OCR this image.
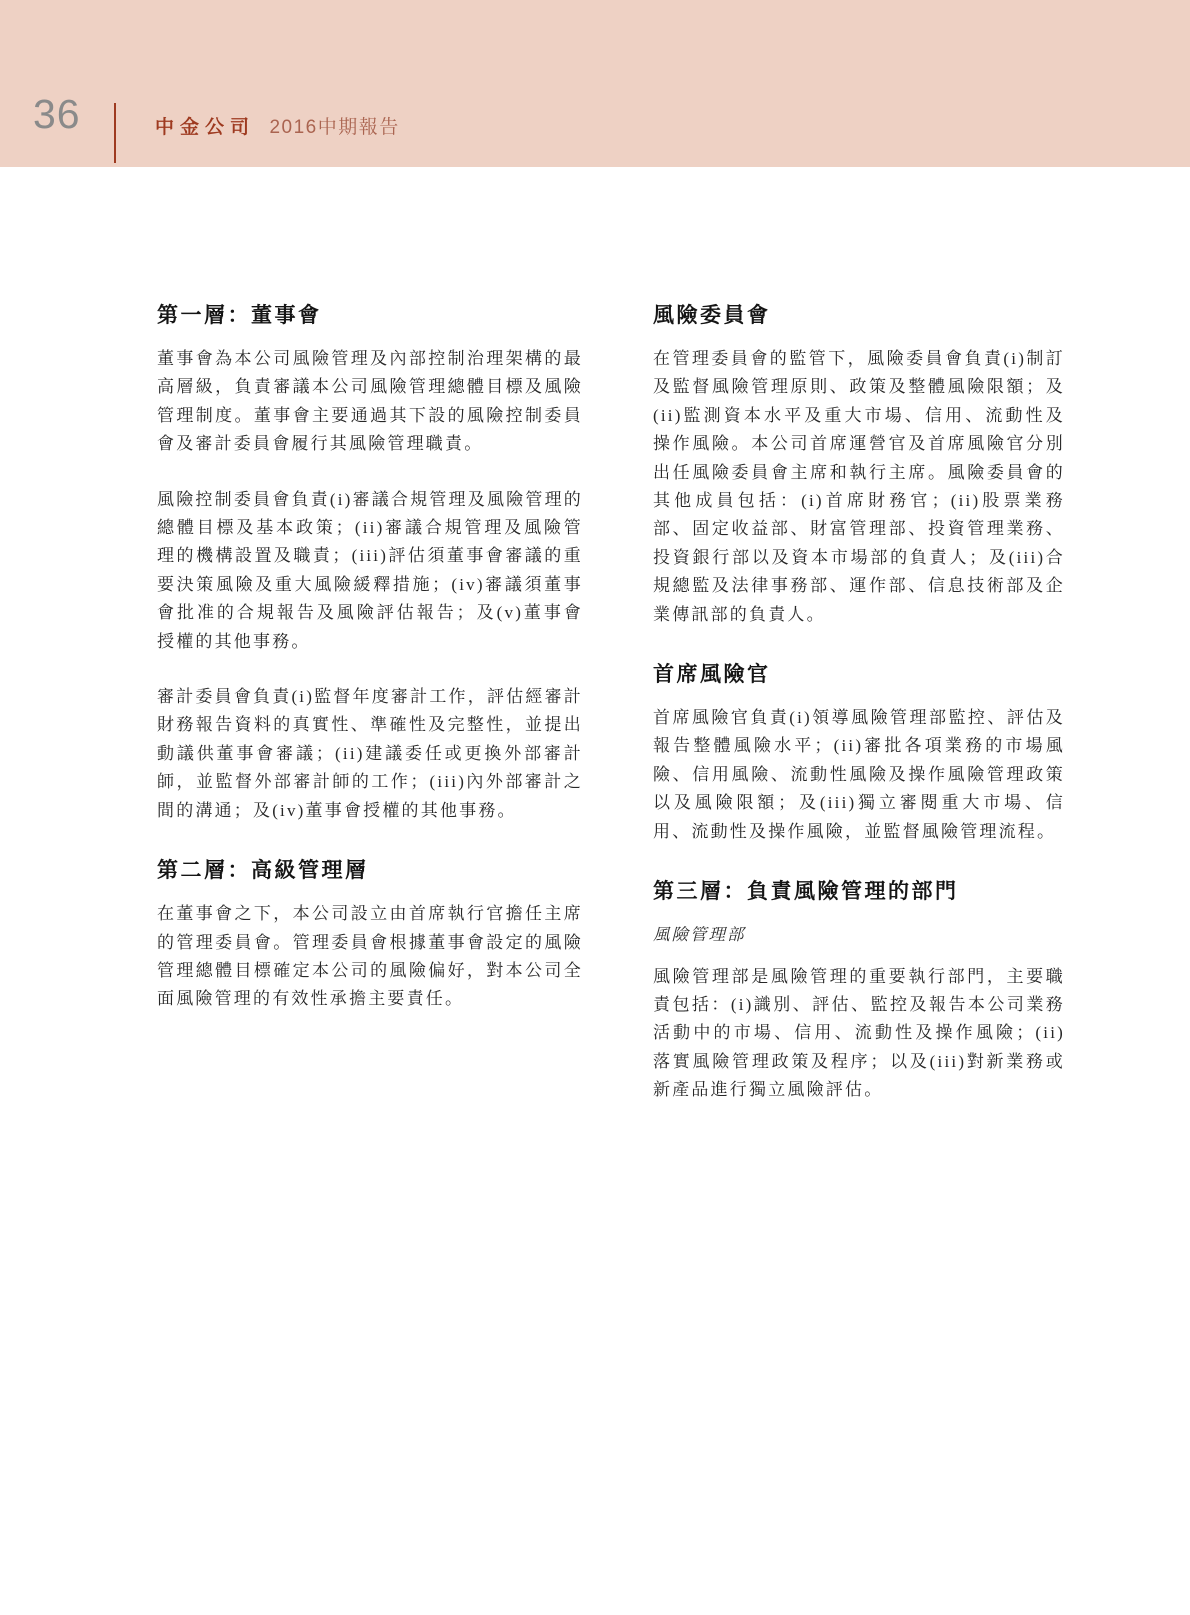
36	中金公司 2016中期報告
第一層：董事會

董事會為本公司風險管理及內部控制治理架構的最高層級，負責審議本公司風險管理總體目標及風險管理制度。董事會主要通過其下設的風險控制委員會及審計委員會履行其風險管理職責。

風險控制委員會負責(i)審議合規管理及風險管理的總體目標及基本政策；(ii)審議合規管理及風險管理的機構設置及職責；(iii)評估須董事會審議的重要決策風險及重大風險緩釋措施；(iv)審議須董事會批准的合規報告及風險評估報告；及(v)董事會授權的其他事務。

審計委員會負責(i)監督年度審計工作，評估經審計財務報告資料的真實性、準確性及完整性，並提出動議供董事會審議；(ii)建議委任或更換外部審計師，並監督外部審計師的工作；(iii)內外部審計之間的溝通；及(iv)董事會授權的其他事務。

第二層：高級管理層

在董事會之下，本公司設立由首席執行官擔任主席的管理委員會。管理委員會根據董事會設定的風險管理總體目標確定本公司的風險偏好，對本公司全面風險管理的有效性承擔主要責任。

風險委員會

在管理委員會的監管下，風險委員會負責(i)制訂及監督風險管理原則、政策及整體風險限額；及(ii)監測資本水平及重大市場、信用、流動性及操作風險。本公司首席運營官及首席風險官分別出任風險委員會主席和執行主席。風險委員會的其他成員包括：(i)首席財務官；(ii)股票業務部、固定收益部、財富管理部、投資管理業務、投資銀行部以及資本市場部的負責人；及(iii)合規總監及法律事務部、運作部、信息技術部及企業傳訊部的負責人。

首席風險官

首席風險官負責(i)領導風險管理部監控、評估及報告整體風險水平；(ii)審批各項業務的市場風險、信用風險、流動性風險及操作風險管理政策以及風險限額；及(iii)獨立審閱重大市場、信用、流動性及操作風險，並監督風險管理流程。

第三層：負責風險管理的部門

風險管理部

風險管理部是風險管理的重要執行部門，主要職責包括：(i)識別、評估、監控及報告本公司業務活動中的市場、信用、流動性及操作風險；(ii)落實風險管理政策及程序；以及(iii)對新業務或新產品進行獨立風險評估。
